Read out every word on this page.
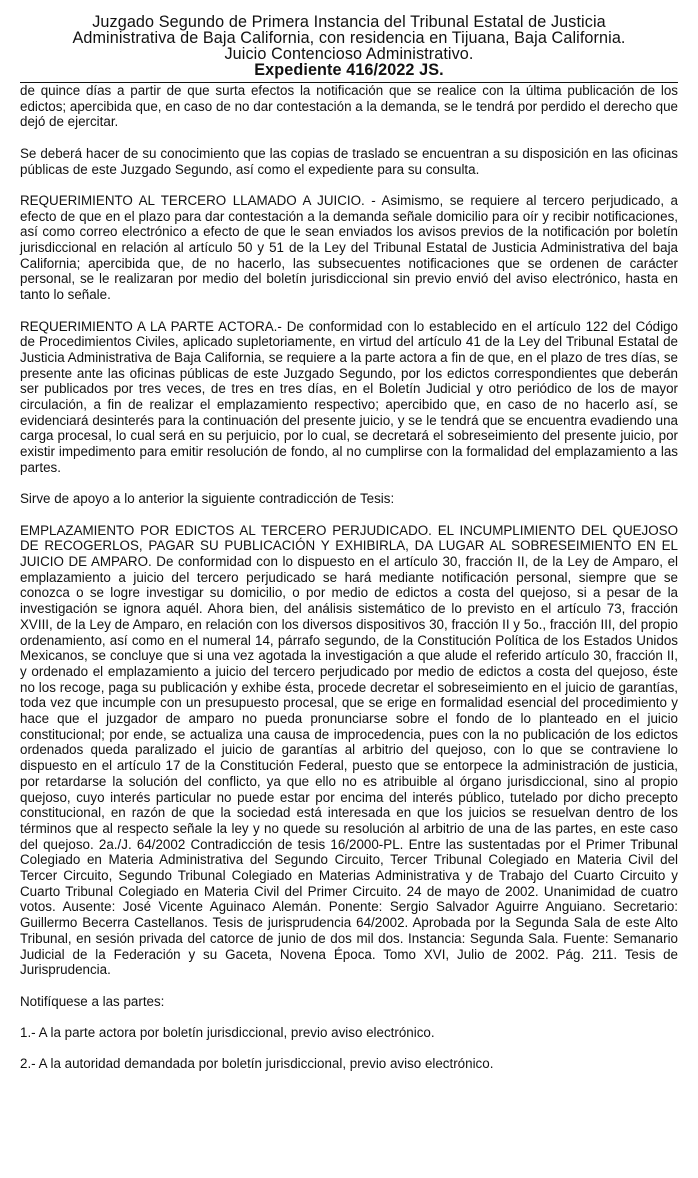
Juzgado Segundo de Primera Instancia del Tribunal Estatal de Justicia
Administrativa de Baja California, con residencia en Tijuana, Baja California.
Juicio Contencioso Administrativo.
Expediente 416/2022 JS.

de quince días a partir de que surta efectos la notificación que se realice con la última publicación de los edictos; apercibida que, en caso de no dar contestación a la demanda, se le tendrá por perdido el derecho que dejó de ejercitar.

Se deberá hacer de su conocimiento que las copias de traslado se encuentran a su disposición en las oficinas públicas de este Juzgado Segundo, así como el expediente para su consulta.

REQUERIMIENTO AL TERCERO LLAMADO A JUICIO. - Asimismo, se requiere al tercero perjudicado, a efecto de que en el plazo para dar contestación a la demanda señale domicilio para oír y recibir notificaciones, así como correo electrónico a efecto de que le sean enviados los avisos previos de la notificación por boletín jurisdiccional en relación al artículo 50 y 51 de la Ley del Tribunal Estatal de Justicia Administrativa del baja California; apercibida que, de no hacerlo, las subsecuentes notificaciones que se ordenen de carácter personal, se le realizaran por medio del boletín jurisdiccional sin previo envió del aviso electrónico, hasta en tanto lo señale.

REQUERIMIENTO A LA PARTE ACTORA.- De conformidad con lo establecido en el artículo 122 del Código de Procedimientos Civiles, aplicado supletoriamente, en virtud del artículo 41 de la Ley del Tribunal Estatal de Justicia Administrativa de Baja California, se requiere a la parte actora a fin de que, en el plazo de tres días, se presente ante las oficinas públicas de este Juzgado Segundo, por los edictos correspondientes que deberán ser publicados por tres veces, de tres en tres días, en el Boletín Judicial y otro periódico de los de mayor circulación, a fin de realizar el emplazamiento respectivo; apercibido que, en caso de no hacerlo así, se evidenciará desinterés para la continuación del presente juicio, y se le tendrá que se encuentra evadiendo una carga procesal, lo cual será en su perjuicio, por lo cual, se decretará el sobreseimiento del presente juicio, por existir impedimento para emitir resolución de fondo, al no cumplirse con la formalidad del emplazamiento a las partes.

Sirve de apoyo a lo anterior la siguiente contradicción de Tesis:

EMPLAZAMIENTO POR EDICTOS AL TERCERO PERJUDICADO. EL INCUMPLIMIENTO DEL QUEJOSO DE RECOGERLOS, PAGAR SU PUBLICACIÓN Y EXHIBIRLA, DA LUGAR AL SOBRESEIMIENTO EN EL JUICIO DE AMPARO. De conformidad con lo dispuesto en el artículo 30, fracción II, de la Ley de Amparo, el emplazamiento a juicio del tercero perjudicado se hará mediante notificación personal, siempre que se conozca o se logre investigar su domicilio, o por medio de edictos a costa del quejoso, si a pesar de la investigación se ignora aquél. Ahora bien, del análisis sistemático de lo previsto en el artículo 73, fracción XVIII, de la Ley de Amparo, en relación con los diversos dispositivos 30, fracción II y 5o., fracción III, del propio ordenamiento, así como en el numeral 14, párrafo segundo, de la Constitución Política de los Estados Unidos Mexicanos, se concluye que si una vez agotada la investigación a que alude el referido artículo 30, fracción II, y ordenado el emplazamiento a juicio del tercero perjudicado por medio de edictos a costa del quejoso, éste no los recoge, paga su publicación y exhibe ésta, procede decretar el sobreseimiento en el juicio de garantías, toda vez que incumple con un presupuesto procesal, que se erige en formalidad esencial del procedimiento y hace que el juzgador de amparo no pueda pronunciarse sobre el fondo de lo planteado en el juicio constitucional; por ende, se actualiza una causa de improcedencia, pues con la no publicación de los edictos ordenados queda paralizado el juicio de garantías al arbitrio del quejoso, con lo que se contraviene lo dispuesto en el artículo 17 de la Constitución Federal, puesto que se entorpece la administración de justicia, por retardarse la solución del conflicto, ya que ello no es atribuible al órgano jurisdiccional, sino al propio quejoso, cuyo interés particular no puede estar por encima del interés público, tutelado por dicho precepto constitucional, en razón de que la sociedad está interesada en que los juicios se resuelvan dentro de los términos que al respecto señale la ley y no quede su resolución al arbitrio de una de las partes, en este caso del quejoso. 2a./J. 64/2002 Contradicción de tesis 16/2000-PL. Entre las sustentadas por el Primer Tribunal Colegiado en Materia Administrativa del Segundo Circuito, Tercer Tribunal Colegiado en Materia Civil del Tercer Circuito, Segundo Tribunal Colegiado en Materias Administrativa y de Trabajo del Cuarto Circuito y Cuarto Tribunal Colegiado en Materia Civil del Primer Circuito. 24 de mayo de 2002. Unanimidad de cuatro votos. Ausente: José Vicente Aguinaco Alemán. Ponente: Sergio Salvador Aguirre Anguiano. Secretario: Guillermo Becerra Castellanos. Tesis de jurisprudencia 64/2002. Aprobada por la Segunda Sala de este Alto Tribunal, en sesión privada del catorce de junio de dos mil dos. Instancia: Segunda Sala. Fuente: Semanario Judicial de la Federación y su Gaceta, Novena Época. Tomo XVI, Julio de 2002. Pág. 211. Tesis de Jurisprudencia.

Notifíquese a las partes:

1.- A la parte actora por boletín jurisdiccional, previo aviso electrónico.

2.- A la autoridad demandada por boletín jurisdiccional, previo aviso electrónico.
